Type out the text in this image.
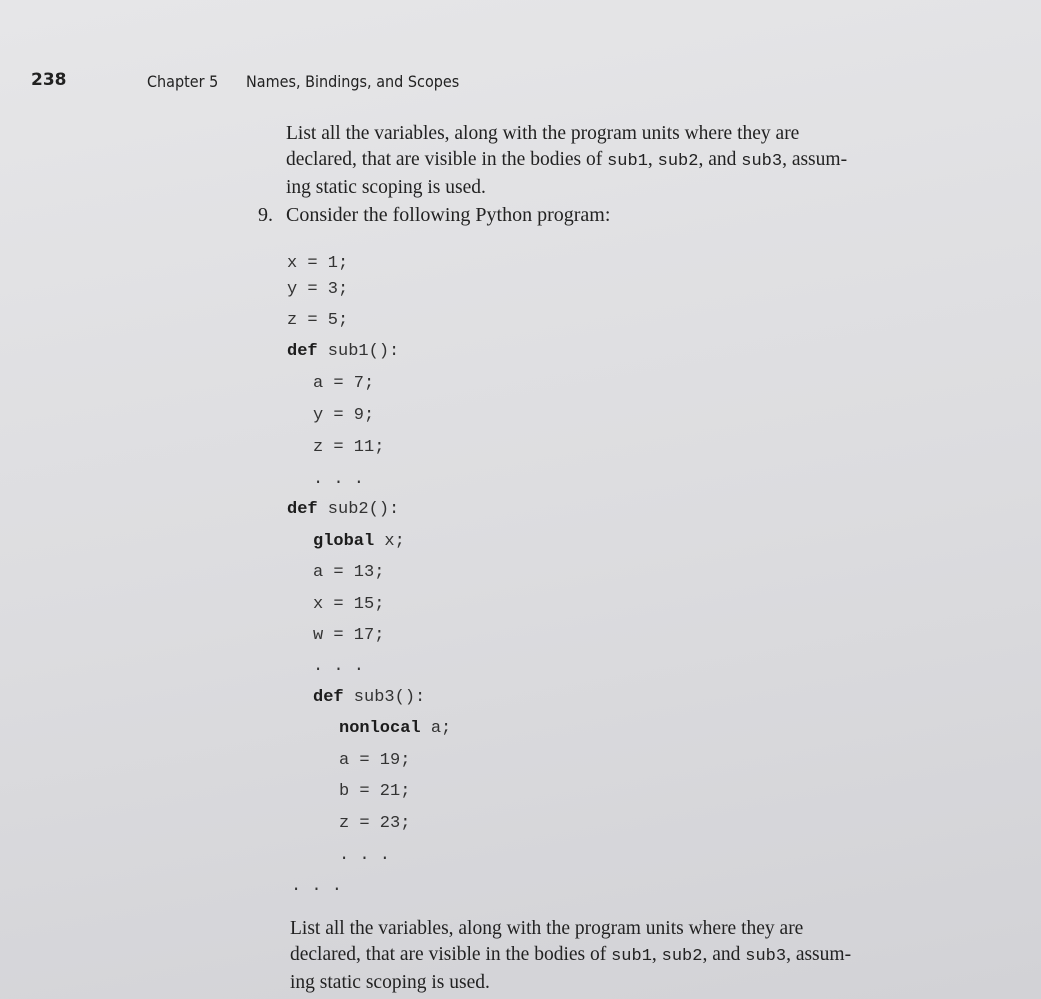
238	Chapter 5 Names, Bindings, and Scopes
List all the variables, along with the program units where they are
declared, that are visible in the bodies of sub1, sub2, and sub3, assum-
ing static scoping is used.
9. Consider the following Python program:
x = 1;
y = 3;
z = 5;
def sub1():
a = 7;
y = 9;
z = 11;
. . .
def sub2():
global x;
a = 13;
x = 15;
w = 17;
. . .
def sub3():
nonlocal a;
a = 19;
b = 21;
z = 23;
. . .
. . .
List all the variables, along with the program units where they are
declared, that are visible in the bodies of sub1, sub2, and sub3, assum-
ing static scoping is used.
